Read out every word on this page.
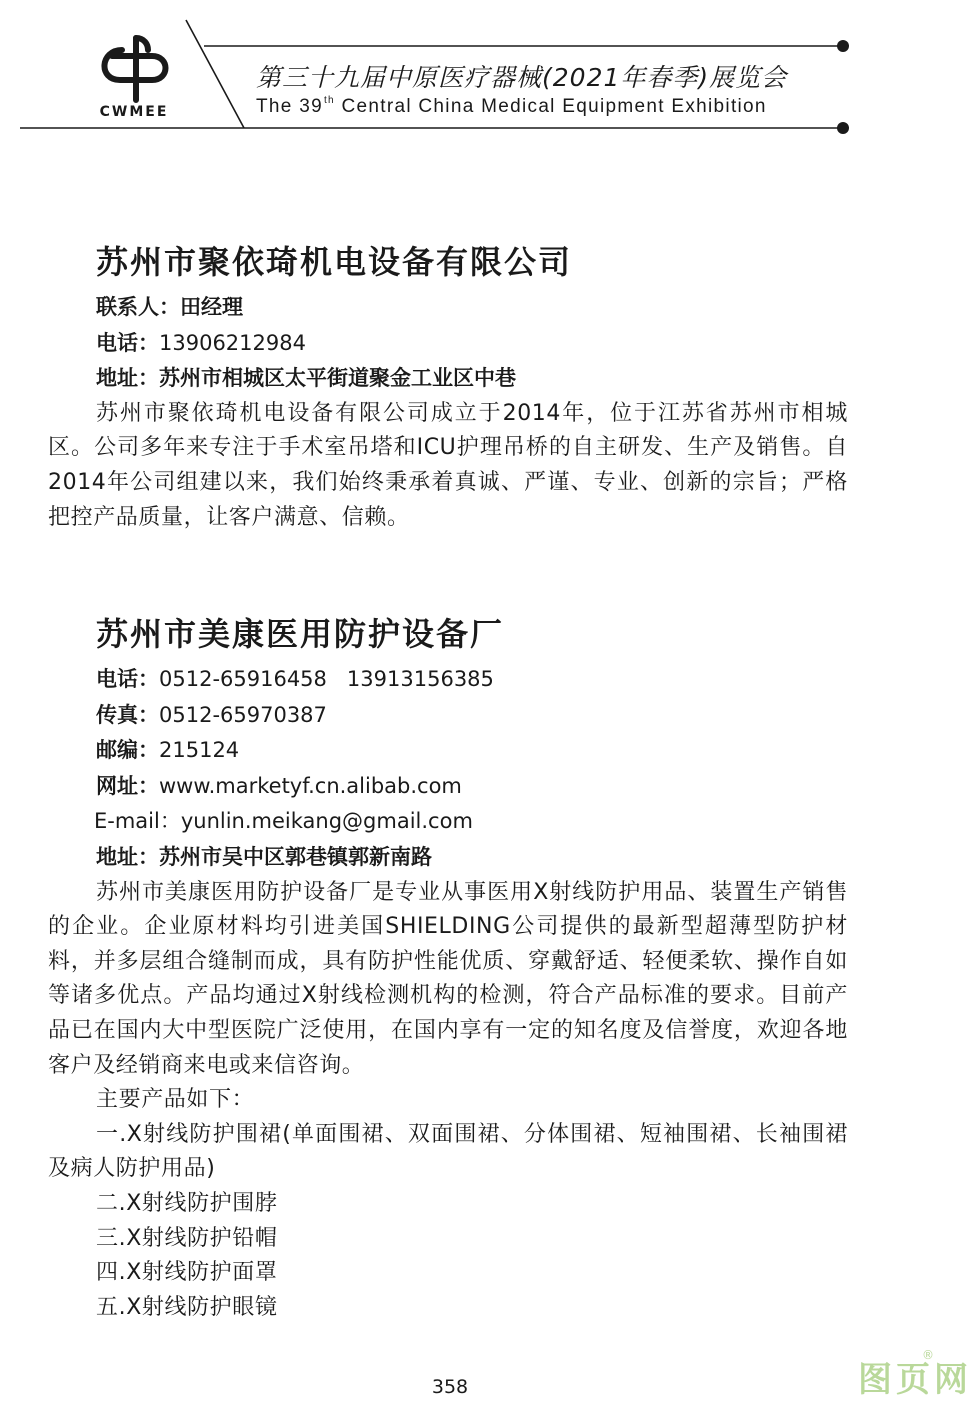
CWMEE
第三十九届中原医疗器械(2021年春季)展览会
The 39th Central China Medical Equipment Exhibition
苏州市聚依琦机电设备有限公司
联系人：田经理
电话：13906212984
地址：苏州市相城区太平街道聚金工业区中巷

苏州市聚依琦机电设备有限公司成立于2014年，位于江苏省苏州市相城区。公司多年来专注于手术室吊塔和ICU护理吊桥的自主研发、生产及销售。自2014年公司组建以来，我们始终秉承着真诚、严谨、专业、创新的宗旨；严格把控产品质量，让客户满意、信赖。

苏州市美康医用防护设备厂
电话：0512-65916458   13913156385
传真：0512-65970387
邮编：215124
网址：www.marketyf.cn.alibab.com
E-mail：yunlin.meikang@gmail.com
地址：苏州市吴中区郭巷镇郭新南路

苏州市美康医用防护设备厂是专业从事医用X射线防护用品、装置生产销售的企业。企业原材料均引进美国SHIELDING公司提供的最新型超薄型防护材料，并多层组合缝制而成，具有防护性能优质、穿戴舒适、轻便柔软、操作自如等诸多优点。产品均通过X射线检测机构的检测，符合产品标准的要求。目前产品已在国内大中型医院广泛使用，在国内享有一定的知名度及信誉度，欢迎各地客户及经销商来电或来信咨询。

主要产品如下：

一.X射线防护围裙(单面围裙、双面围裙、分体围裙、短袖围裙、长袖围裙及病人防护用品)

二.X射线防护围脖

三.X射线防护铅帽

四.X射线防护面罩

五.X射线防护眼镜

358	图页网
®
